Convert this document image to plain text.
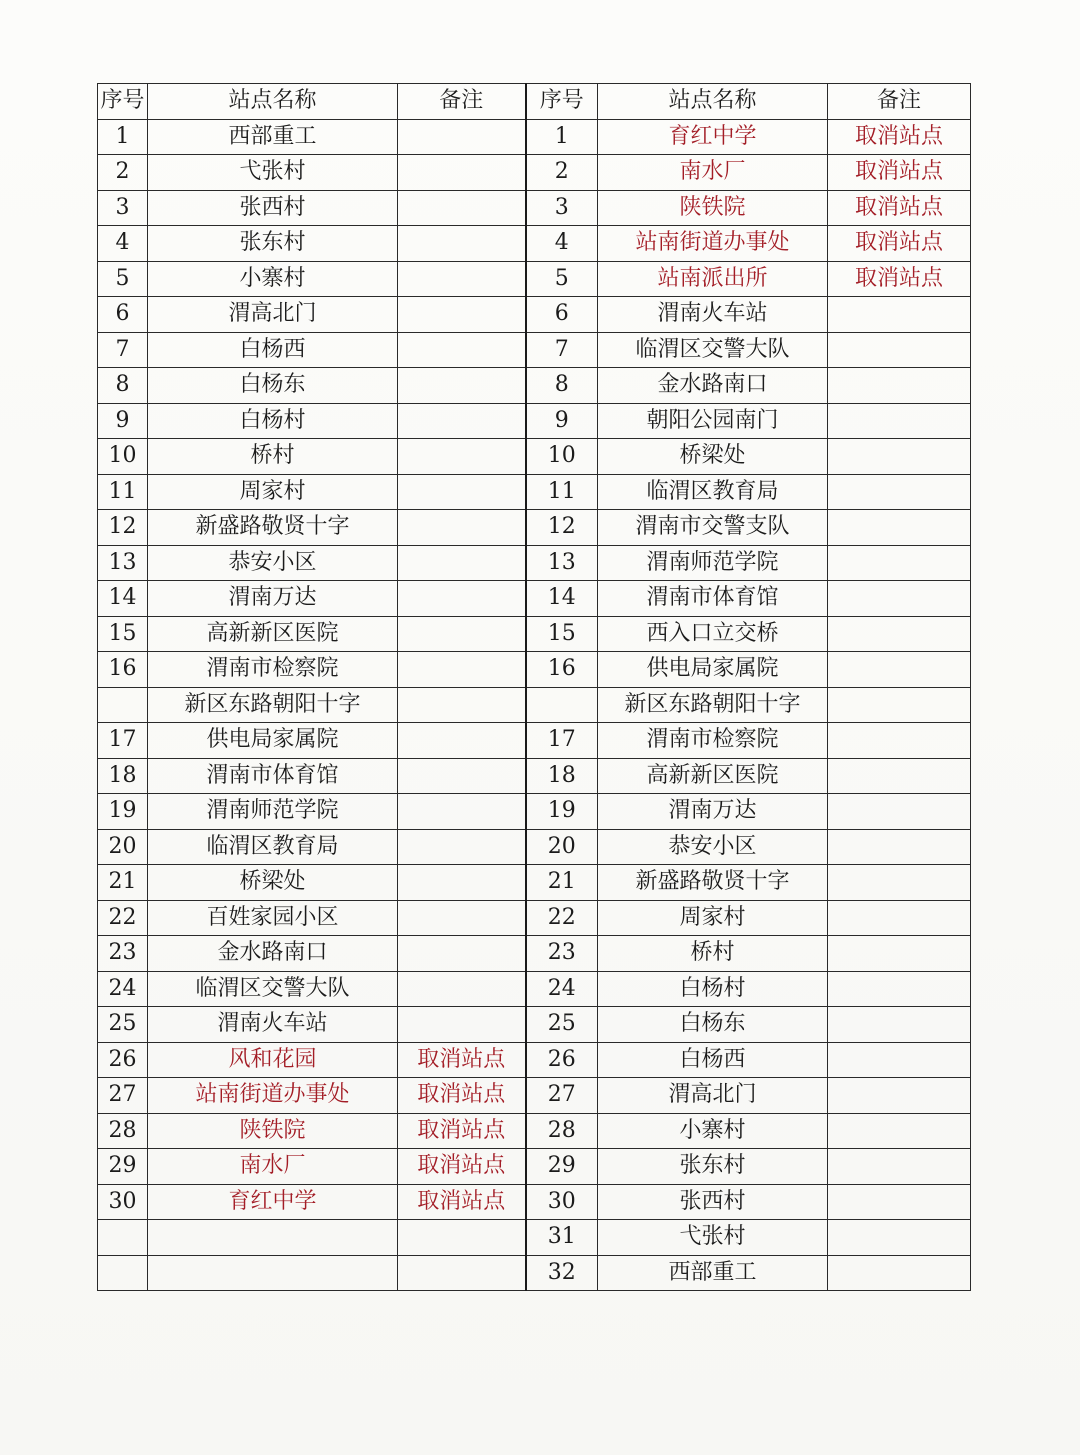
序号	站点名称	备注	序号	站点名称	备注
1	西部重工		1	育红中学	取消站点
2	弋张村		2	南水厂	取消站点
3	张西村		3	陕铁院	取消站点
4	张东村		4	站南街道办事处	取消站点
5	小寨村		5	站南派出所	取消站点
6	渭高北门		6	渭南火车站	
7	白杨西		7	临渭区交警大队	
8	白杨东		8	金水路南口	
9	白杨村		9	朝阳公园南门	
10	桥村		10	桥梁处	
11	周家村		11	临渭区教育局	
12	新盛路敬贤十字		12	渭南市交警支队	
13	恭安小区		13	渭南师范学院	
14	渭南万达		14	渭南市体育馆	
15	高新新区医院		15	西入口立交桥	
16	渭南市检察院		16	供电局家属院	
	新区东路朝阳十字			新区东路朝阳十字	
17	供电局家属院		17	渭南市检察院	
18	渭南市体育馆		18	高新新区医院	
19	渭南师范学院		19	渭南万达	
20	临渭区教育局		20	恭安小区	
21	桥梁处		21	新盛路敬贤十字	
22	百姓家园小区		22	周家村	
23	金水路南口		23	桥村	
24	临渭区交警大队		24	白杨村	
25	渭南火车站		25	白杨东	
26	风和花园	取消站点	26	白杨西	
27	站南街道办事处	取消站点	27	渭高北门	
28	陕铁院	取消站点	28	小寨村	
29	南水厂	取消站点	29	张东村	
30	育红中学	取消站点	30	张西村	
			31	弋张村	
			32	西部重工	
